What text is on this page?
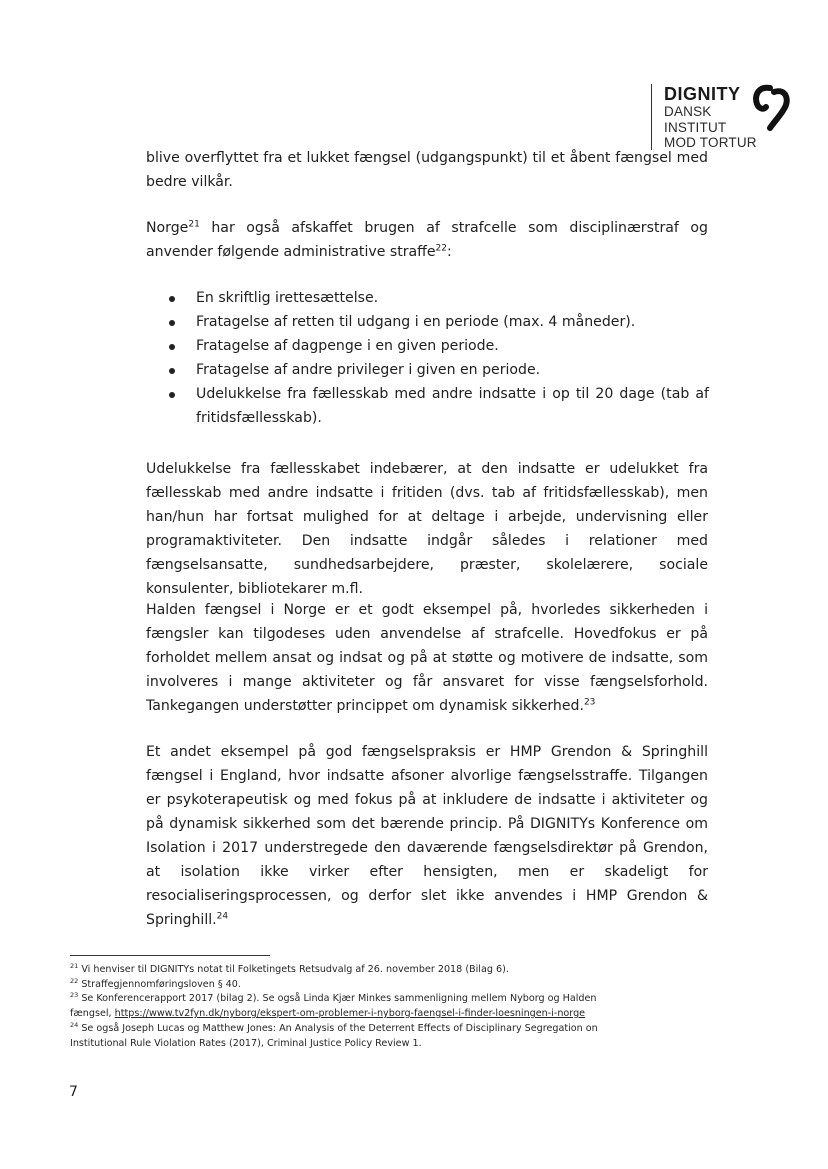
DIGNITY
DANSK
INSTITUT
MOD TORTUR

blive overflyttet fra et lukket fængsel (udgangspunkt) til et åbent fængsel med bedre vilkår.

Norge$^{21}$ har også afskaffet brugen af strafcelle som disciplinærstraf og anvender følgende administrative straffe$^{22}$:

En skriftlig irettesættelse.
Fratagelse af retten til udgang i en periode (max. 4 måneder).
Fratagelse af dagpenge i en given periode.
Fratagelse af andre privileger i given en periode.
Udelukkelse fra fællesskab med andre indsatte i op til 20 dage (tab af fritidsfællesskab).

Udelukkelse fra fællesskabet indebærer, at den indsatte er udelukket fra fællesskab med andre indsatte i fritiden (dvs. tab af fritidsfællesskab), men han/hun har fortsat mulighed for at deltage i arbejde, undervisning eller programaktiviteter. Den indsatte indgår således i relationer med fængselsansatte, sundhedsarbejdere, præster, skolelærere, sociale konsulenter, bibliotekarer m.fl.

Halden fængsel i Norge er et godt eksempel på, hvorledes sikkerheden i fængsler kan tilgodeses uden anvendelse af strafcelle. Hovedfokus er på forholdet mellem ansat og indsat og på at støtte og motivere de indsatte, som involveres i mange aktiviteter og får ansvaret for visse fængselsforhold. Tankegangen understøtter princippet om dynamisk sikkerhed.$^{23}$

Et andet eksempel på god fængselspraksis er HMP Grendon & Springhill fængsel i England, hvor indsatte afsoner alvorlige fængselsstraffe. Tilgangen er psykoterapeutisk og med fokus på at inkludere de indsatte i aktiviteter og på dynamisk sikkerhed som det bærende princip. På DIGNITYs Konference om Isolation i 2017 understregede den daværende fængselsdirektør på Grendon, at isolation ikke virker efter hensigten, men er skadeligt for resocialiseringsprocessen, og derfor slet ikke anvendes i HMP Grendon & Springhill.$^{24}$

$^{21}$ Vi henviser til DIGNITYs notat til Folketingets Retsudvalg af 26. november 2018 (Bilag 6).

$^{22}$ Straffegjennomføringsloven § 40.

$^{23}$ Se Konferencerapport 2017 (bilag 2). Se også Linda Kjær Minkes sammenligning mellem Nyborg og Halden fængsel, https://www.tv2fyn.dk/nyborg/ekspert-om-problemer-i-nyborg-faengsel-i-finder-loesningen-i-norge

$^{24}$ Se også Joseph Lucas og Matthew Jones: An Analysis of the Deterrent Effects of Disciplinary Segregation on Institutional Rule Violation Rates (2017), Criminal Justice Policy Review 1.

7
